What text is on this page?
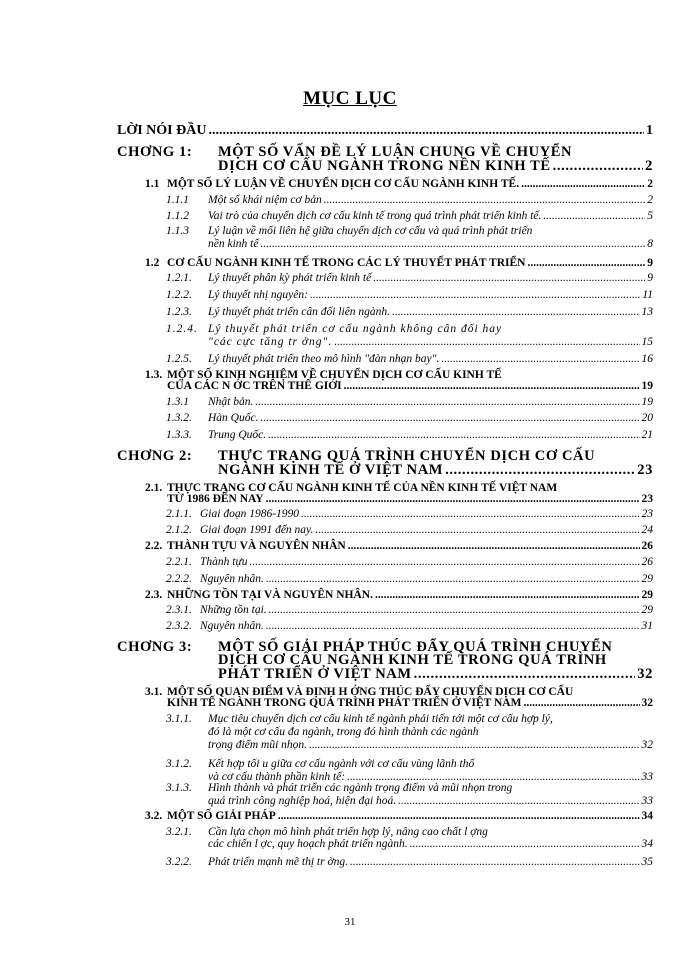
MỤC LỤC
LỜI NÓI ĐẦU .....	1
CHƠNG 1: MỘT SỐ VẤN ĐỀ LÝ LUẬN CHUNG VỀ CHUYỂN
DỊCH CƠ CẤU NGÀNH TRONG NỀN KINH TẾ .....	2
1.1 MỘT SỐ LÝ LUẬN VỀ CHUYỂN DỊCH CƠ CẤU NGÀNH KINH TẾ. .....	2
1.1.1	Một số khái niệm cơ bản .....	2
1.1.2	Vai trò của chuyển dịch cơ cấu kinh tế trong quá trình phát triển kinh tế. .....	5
1.1.3 Lý luận về mối liên hệ giữa chuyển dịch cơ cấu và quá trình phát triển
nền kinh tế .....	8
1.2 CƠ CẤU NGÀNH KINH TẾ TRONG CÁC LÝ THUYẾT PHÁT TRIỂN .....	9
1.2.1.	Lý thuyết phân kỳ phát triển kinh tế .....	9
1.2.2.	Lý thuyết nhị nguyên: .....	11
1.2.3.	Lý thuyết phát triển cân đối liên ngành. .....	13
1.2.4. Lý thuyết phát triển cơ cấu ngành không cân đối hay
"các cực tăng tr ởng". .....	15
1.2.5.	Lý thuyết phát triển theo mô hình "đàn nhạn bay". .....	16
1.3. MỘT SỐ KINH NGHIỆM VỀ CHUYỂN DỊCH CƠ CẤU KINH TẾ
CỦA CÁC N ỚC TRÊN THẾ GIỚI .....	19
1.3.1	Nhật bản. .....	19
1.3.2.	Hàn Quốc. .....	20
1.3.3.	Trung Quốc. .....	21
CHƠNG 2: THỰC TRẠNG QUÁ TRÌNH CHUYỂN DỊCH CƠ CẤU
NGÀNH KINH TẾ Ở VIỆT NAM .....	23
2.1. THỰC TRẠNG CƠ CẤU NGÀNH KINH TẾ CỦA NỀN KINH TẾ VIỆT NAM
TỪ 1986 ĐẾN NAY .....	23
2.1.1. Giai đoạn 1986-1990 .....	23
2.1.2. Giai đoạn 1991 đến nay. .....	24
2.2. THÀNH TỰU VÀ NGUYÊN NHÂN .....	26
2.2.1. Thành tựu .....	26
2.2.2. Nguyên nhân. .....	29
2.3. NHỮNG TỒN TẠI VÀ NGUYÊN NHÂN. .....	29
2.3.1. Những tồn tại. .....	29
2.3.2. Nguyên nhân. .....	31
CHƠNG 3: MỘT SỐ GIẢI PHÁP THÚC ĐẨY QUÁ TRÌNH CHUYỂN
DỊCH CƠ CẤU NGÀNH KINH TẾ TRONG QUÁ TRÌNH
PHÁT TRIỂN Ở VIỆT NAM .....	32
3.1. MỘT SỐ QUAN ĐIỂM VÀ ĐỊNH H ỚNG THÚC ĐẨY CHUYỂN DỊCH CƠ CẤU
KINH TẾ NGÀNH TRONG QUÁ TRÌNH PHÁT TRIỂN Ở VIỆT NAM .....	32
3.1.1. Mục tiêu chuyển dịch cơ cấu kinh tế ngành phải tiến tới một cơ cấu hợp lý,
đó là một cơ cấu đa ngành, trong đó hình thành các ngành
trọng điểm mũi nhọn. .....	32
3.1.2. Kết hợp tối u giữa cơ cấu ngành với cơ cấu vùng lãnh thổ
và cơ cấu thành phần kinh tế: .....	33
3.1.3. Hình thành và phát triển các ngành trọng điểm và mũi nhọn trong
quá trình công nghiệp hoá, hiện đại hoá. .....	33
3.2. MỘT SỐ GIẢI PHÁP .....	34
3.2.1. Cần lựa chọn mô hình phát triển hợp lý, nâng cao chất l ợng
các chiến l ợc, quy hoạch phát triển ngành. .....	34
3.2.2.	Phát triển mạnh mẽ thị tr ờng. .....	35
31
